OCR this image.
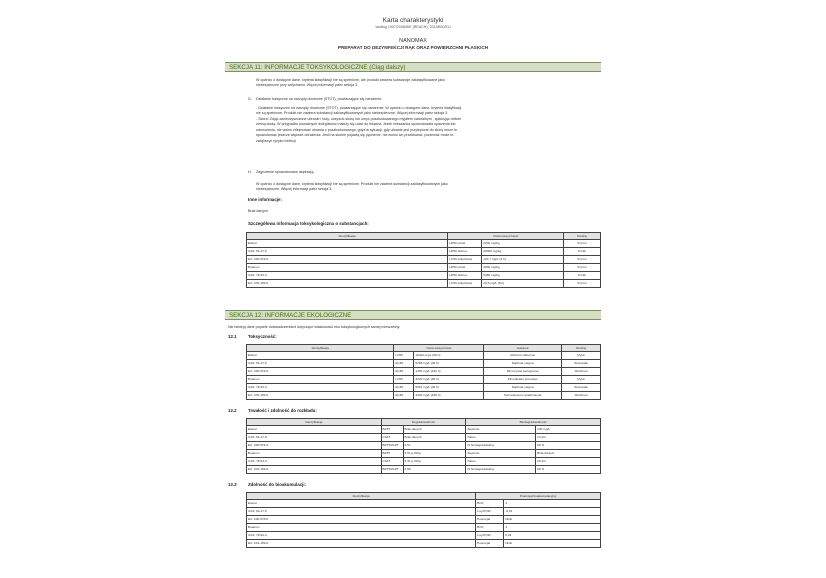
Karta charakterystyki
według 1907/2006/WE (REACH), 2015/830/EU
NANOMAX
PREPARAT DO DEZYNFEKCJI RĄK ORAZ POWIERZCHNI PŁASKICH
SEKCJA 11: INFORMACJE TOKSYKOLOGICZNE (Ciąg dalszy)
W oparciu o dostępne dane, kryteria klasyfikacji nie są spełnione, ale produkt zawiera substancje zaklasyfikowane jako
niebezpieczne przy wdychaniu. Więcej informacji patrz sekcja 3.
G- Działanie toksyczne na narządy docelowe (STOT), powtarzające się narażenie:
- Działanie toksyczne na narządy docelowe (STOT), powtarzające się narażenie: W oparciu o dostępne dane, kryteria klasyfikacji
nie są spełnione. Produkt nie zawiera substancji zaklasyfikowanych jako niebezpieczne. Więcej informacji patrz sekcja 3.
- Skóra: Zdjąć zanieczyszczone ubranie i buty, oczyścić skórę lub umyć poszkodowanego myjdłem naturalnym , spłukując obficie
zimną wodą. W przypadku poważnych dolegliwości należy się udać do lekarza. Jeżeli mieszanka spowodowała oparzenia lub
odmrożenia, nie wolno zdejmować ubrania z poszkodowanego, gdyż w sytuacji, gdy ubranie jest przylepione do skóry może to
spowodować jeszcze większe obrażenia. Jeśli na skórze pojawią się pęcherze, nie wolno ich przekłuwać, ponieważ może to
zwiększyć ryzyko infekcji.
H- Zagrożenie spowodowane aspiracją:
W oparciu o dostępne dane, kryteria klasyfikacji nie są spełnione. Produkt nie zawiera substancji zaklasyfikowanych jako
niebezpieczne. Więcej informacji patrz sekcja 3.
Inne informacje:
Brak danych
Szczegółowa informacja toksykologiczna o substancjach:
Identyfikacja	Ostra toksyczność		Rodzaj
Etanol	LD50 ustna	6200 mg/kg	Szczur
CAS: 64-17-5	LD50 skórna	20000 mg/kg	Królik
EC: 200-578-6	LC50 wdychanie	124,7 mg/L (4 h)	Szczur
Butanon	LD50 ustna	4900 mg/kg	Szczur
CAS: 78-93-3	LD50 skórna	6480 mg/kg	Królik
EC: 201-159-0	LC50 wdychanie	23,5 mg/L (8 h)	Szczur
SEKCJA 12: INFORMACJE EKOLOGICZNE
Nie istnieją dane poparte doświadczeniami dotyczące właściwości eko toksykologicznych samej mieszaniny.
12.1	Toksyczność:
Identyfikacja	Ostra toksyczność		Gatunek	Rodzaj
Etanol	LC50	11000 mg/L (96 h)	Alburnus alburnus	Ryba
CAS: 64-17-5	EC50	5268 mg/L (48 h)	Daphnia magna	Skorupiak
EC: 200-578-6	EC50	1450 mg/L (192 h)	Microcystis aeruginosa	Wodorost
Butanon	LC50	3220 mg/L (96 h)	Pimephales promelas	Ryba
CAS: 78-93-3	EC50	5091 mg/L (48 h)	Daphnia magna	Skorupiak
EC: 201-159-0	EC50	4300 mg/L (168 h)	Scenedesmus quadricauda	Wodorost
12.2	Trwałość i zdolność do rozkładu:
Identyfikacja	Degradowalność		Biodegradowalność	
Etanol	BZT5	Brak danych	Stężenie	100 mg/L
CAS: 64-17-5	ChZT	Brak danych	Okres	14 dni
EC: 200-578-6	BZT5/ChZT	0.57	% biodegradowalny	89 %
Butanon	BZT5	2.01 g O2/g	Stężenie	Brak danych
CAS: 78-93-3	ChZT	2.31 g O2/g	Okres	20 dni
EC: 201-159-0	BZT5/ChZT	0.88	% biodegradowalny	89 %
12.3	Zdolność do bioakumulacji:
Identyfikacja	Potencjał bioakumulacyjny	
Etanol	BCF	3
CAS: 64-17-5	Log POW	-0,31
EC: 200-578-6	Potencjał	Niski
Butanon	BCF	3
CAS: 78-93-3	Log POW	0,29
EC: 201-159-0	Potencjał	Niski
